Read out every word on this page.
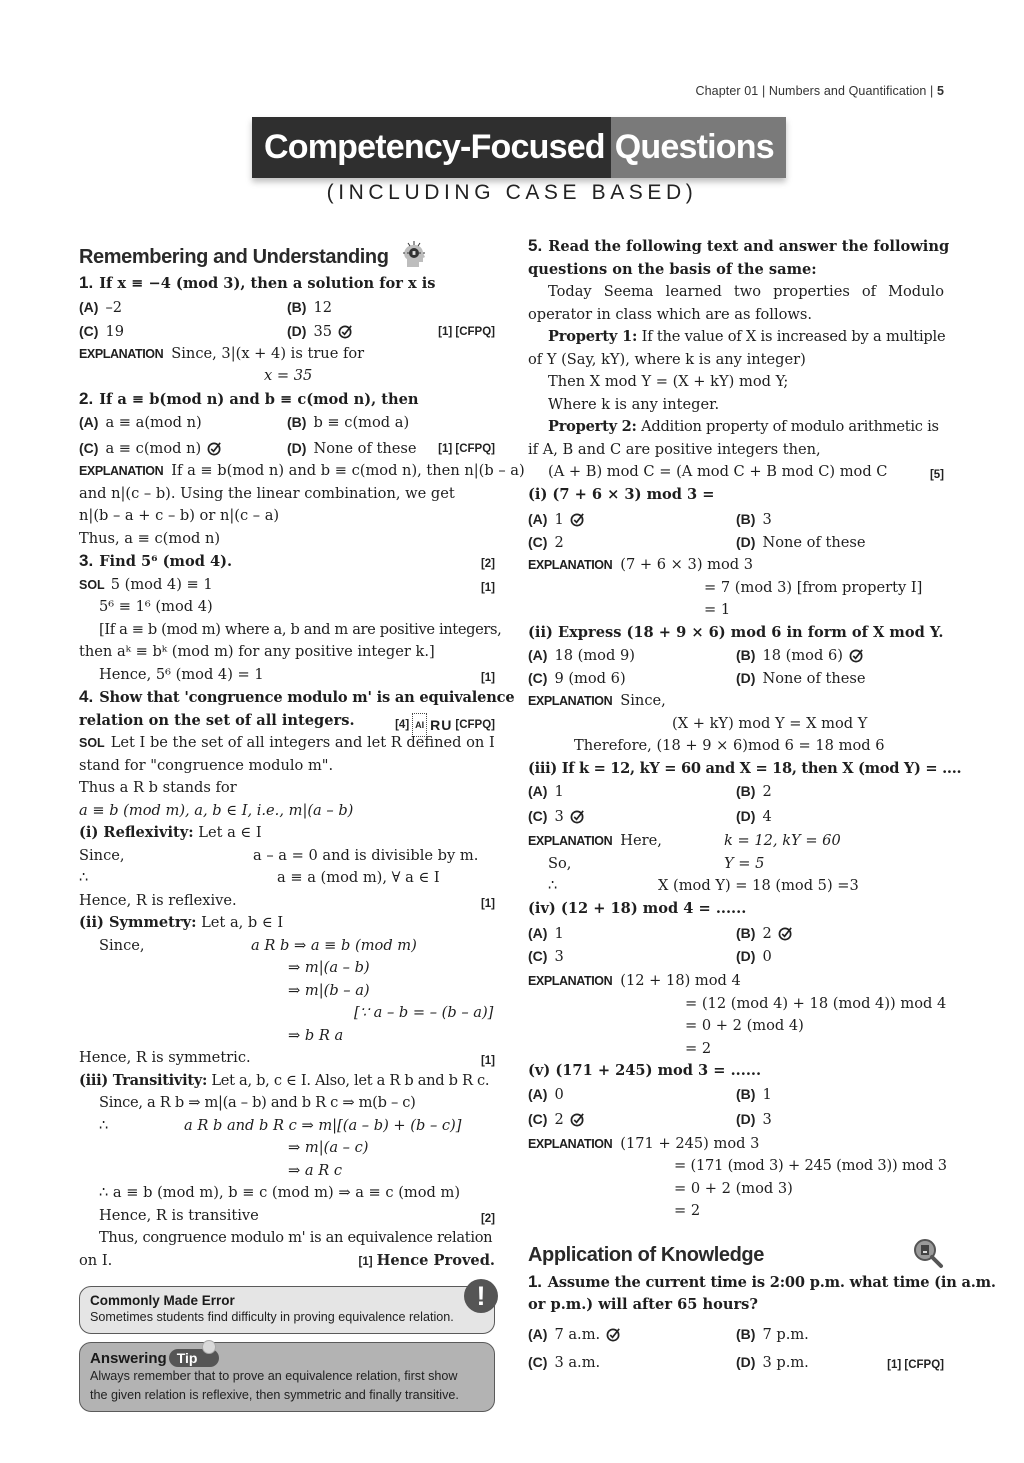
Chapter 01 | Numbers and Quantification | 5
Competency-Focused Questions
(INCLUDING CASE BASED)
Remembering and Understanding
1. If x ≡ −4 (mod 3), then a solution for x is
(A) –2	(B) 12
(C) 19	(D) 35	[1] [CFPQ]
EXPLANATION Since, 3|(x + 4) is true for
x = 35
2. If a ≡ b(mod n) and b ≡ c(mod n), then
(A) a ≡ a(mod n)	(B) b ≡ c(mod a)
(C) a ≡ c(mod n)	(D) None of these [1] [CFPQ]
EXPLANATION If a ≡ b(mod n) and b ≡ c(mod n), then n|(b – a)
and n|(c – b). Using the linear combination, we get
n|(b – a + c – b) or n|(c – a)
Thus, a ≡ c(mod n)
3. Find 5⁶ (mod 4).	[2]
SOL 5 (mod 4) ≡ 1	[1]
5⁶ ≡ 1⁶ (mod 4)
[If a ≡ b (mod m) where a, b and m are positive integers,
then aᵏ ≡ bᵏ (mod m) for any positive integer k.]
Hence, 5⁶ (mod 4) = 1	[1]
4. Show that 'congruence modulo m' is an equivalence
relation on the set of all integers.	[4] AI RU [CFPQ]
SOL Let I be the set of all integers and let R defined on I
stand for "congruence modulo m".
Thus a R b stands for
a ≡ b (mod m), a, b ∈ I, i.e., m|(a – b)
(i) Reflexivity: Let a ∈ I
Since,	a – a = 0 and is divisible by m.
∴	a ≡ a (mod m), ∀ a ∈ I
Hence, R is reflexive.	[1]
(ii) Symmetry: Let a, b ∈ I
Since,	a R b ⇒ a ≡ b (mod m)
⇒ m|(a – b)
⇒ m|(b – a)
[∵ a – b = – (b – a)]
⇒ b R a
Hence, R is symmetric.	[1]
(iii) Transitivity: Let a, b, c ∈ I. Also, let a R b and b R c.
Since, a R b ⇒ m|(a – b) and b R c ⇒ m(b – c)
∴	a R b and b R c ⇒ m|[(a – b) + (b – c)]
⇒ m|(a – c)
⇒ a R c
∴ a ≡ b (mod m), b ≡ c (mod m) ⇒ a ≡ c (mod m)
Hence, R is transitive	[2]
Thus, congruence modulo m' is an equivalence relation
on I.	[1] Hence Proved.
Commonly Made Error
Sometimes students find difficulty in proving equivalence relation.
!
Answering Tip
Always remember that to prove an equivalence relation, first show
the given relation is reflexive, then symmetric and finally transitive.
5. Read the following text and answer the following
questions on the basis of the same:
Today Seema learned two properties of Modulo
operator in class which are as follows.
Property 1: If the value of X is increased by a multiple
of Y (Say, kY), where k is any integer)
Then X mod Y = (X + kY) mod Y;
Where k is any integer.
Property 2: Addition property of modulo arithmetic is
if A, B and C are positive integers then,
(A + B) mod C = (A mod C + B mod C) mod C	[5]
(i) (7 + 6 × 3) mod 3 =
(A) 1	(B) 3
(C) 2	(D) None of these
EXPLANATION (7 + 6 × 3) mod 3
= 7 (mod 3) [from property I]
= 1
(ii) Express (18 + 9 × 6) mod 6 in form of X mod Y.
(A) 18 (mod 9)	(B) 18 (mod 6)
(C) 9 (mod 6)	(D) None of these
EXPLANATION Since,
(X + kY) mod Y = X mod Y
Therefore, (18 + 9 × 6)mod 6 = 18 mod 6
(iii) If k = 12, kY = 60 and X = 18, then X (mod Y) = ....
(A) 1	(B) 2
(C) 3	(D) 4
EXPLANATION Here,	k = 12, kY = 60
So,	Y = 5
∴	X (mod Y) = 18 (mod 5) =3
(iv) (12 + 18) mod 4 = ......
(A) 1	(B) 2
(C) 3	(D) 0
EXPLANATION (12 + 18) mod 4
= (12 (mod 4) + 18 (mod 4)) mod 4
= 0 + 2 (mod 4)
= 2
(v) (171 + 245) mod 3 = ......
(A) 0	(B) 1
(C) 2	(D) 3
EXPLANATION (171 + 245) mod 3
= (171 (mod 3) + 245 (mod 3)) mod 3
= 0 + 2 (mod 3)
= 2
Application of Knowledge
1. Assume the current time is 2:00 p.m. what time (in a.m.
or p.m.) will after 65 hours?
(A) 7 a.m.	(B) 7 p.m.
(C) 3 a.m.	(D) 3 p.m.	[1] [CFPQ]
